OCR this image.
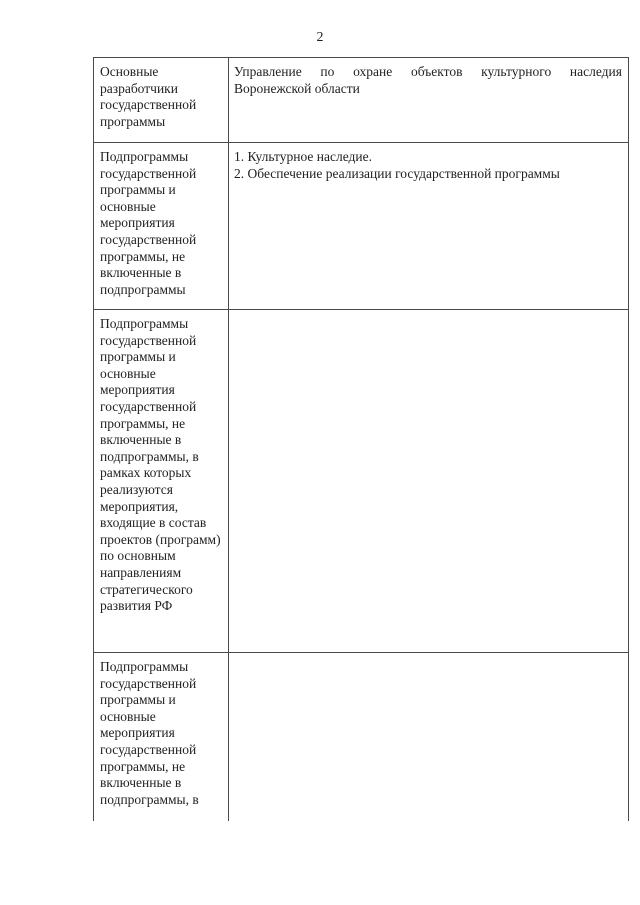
2
Основные разработчики государственной программы	Управление по охране объектов культурного наследия Воронежской области
Подпрограммы государственной программы и основные мероприятия государственной программы, не включенные в подпрограммы	1. Культурное наследие.
2. Обеспечение реализации государственной программы

Подпрограммы государственной программы и основные мероприятия государственной программы, не включенные в подпрограммы, в рамках которых реализуются мероприятия, входящие в состав проектов (программ) по основным направлениям стратегического развития РФ	
Подпрограммы государственной программы и основные мероприятия государственной программы, не включенные в подпрограммы, в	
